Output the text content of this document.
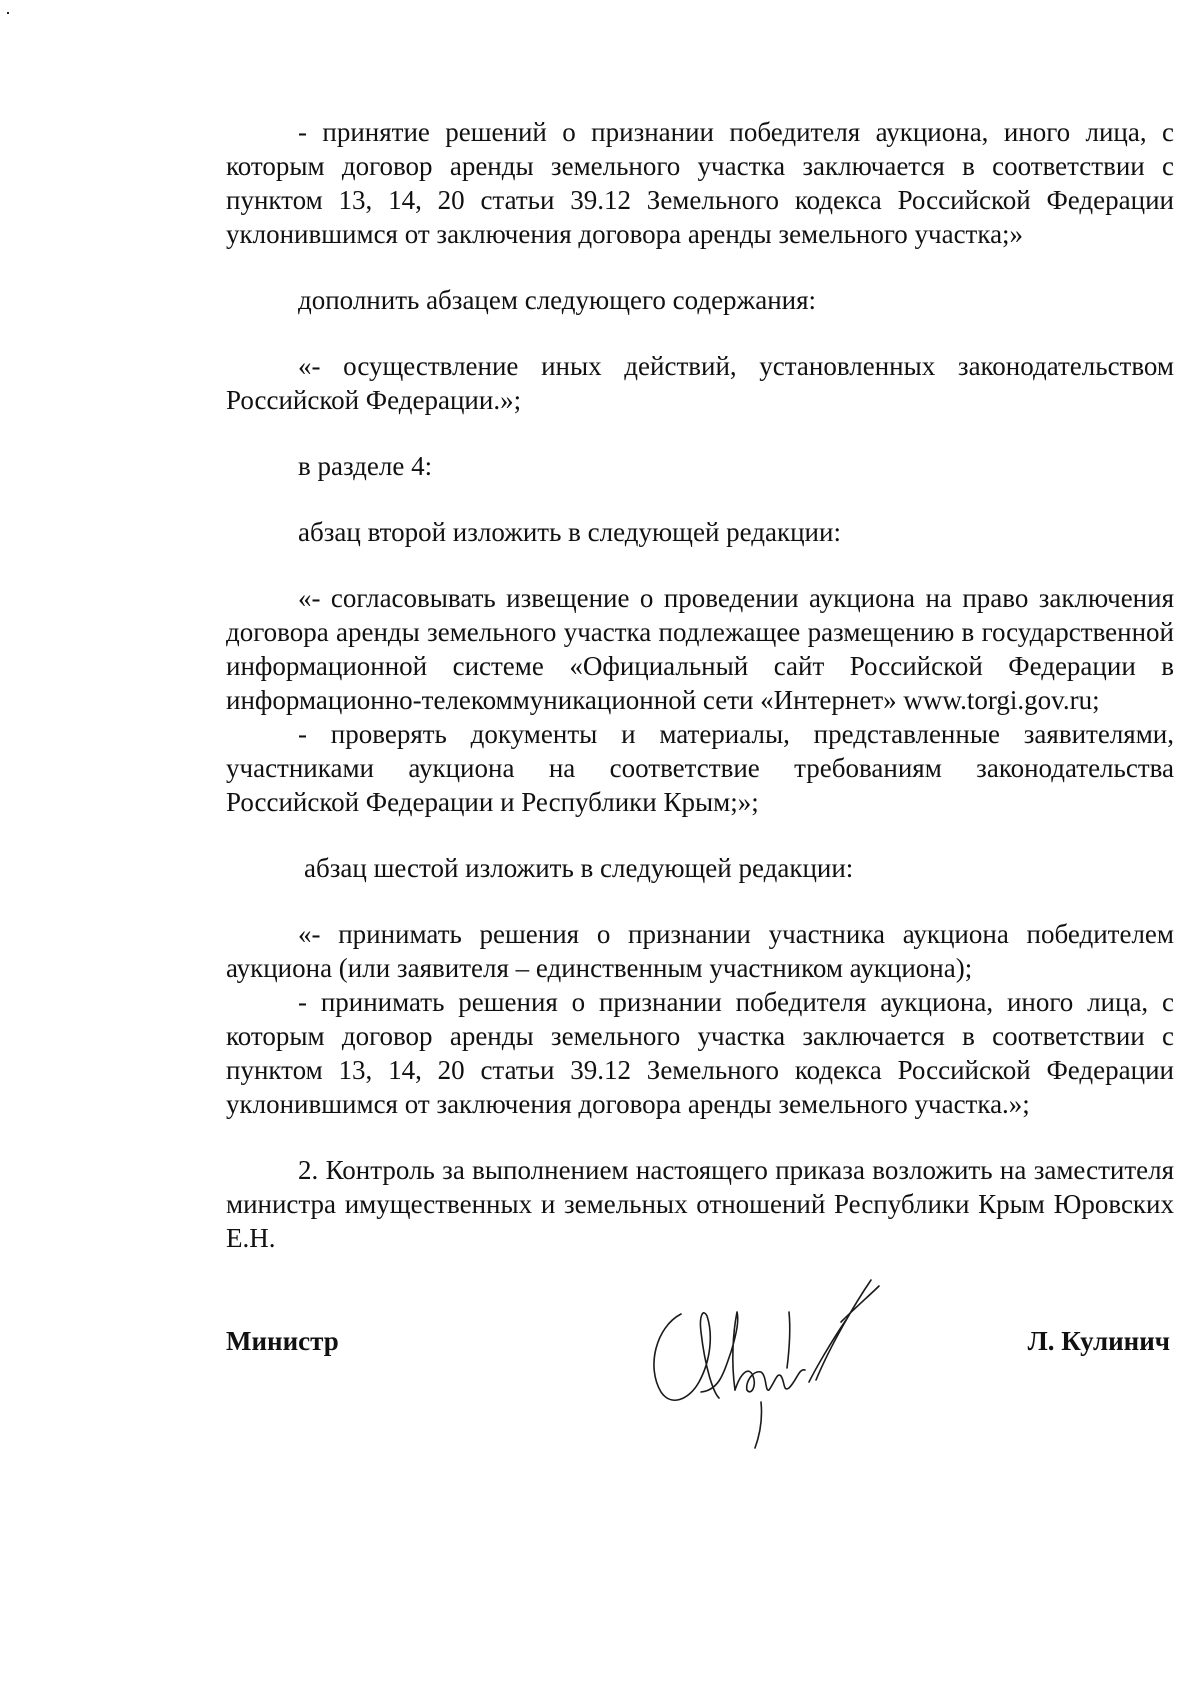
- принятие решений о признании победителя аукциона, иного лица, с которым договор аренды земельного участка заключается в соответствии с пунктом 13, 14, 20 статьи 39.12 Земельного кодекса Российской Федерации уклонившимся от заключения договора аренды земельного участка;»

дополнить абзацем следующего содержания:

«- осуществление иных действий, установленных законодательством Российской Федерации.»;

в разделе 4:

абзац второй изложить в следующей редакции:

«- согласовывать извещение о проведении аукциона на право заключения договора аренды земельного участка подлежащее размещению в государственной информационной системе «Официальный сайт Российской Федерации в информационно-телекоммуникационной сети «Интернет» www.torgi.gov.ru;

- проверять документы и материалы, представленные заявителями, участниками аукциона на соответствие требованиям законодательства Российской Федерации и Республики Крым;»;

абзац шестой изложить в следующей редакции:

«- принимать решения о признании участника аукциона победителем аукциона (или заявителя – единственным участником аукциона);

- принимать решения о признании победителя аукциона, иного лица, с которым договор аренды земельного участка заключается в соответствии с пунктом 13, 14, 20 статьи 39.12 Земельного кодекса Российской Федерации уклонившимся от заключения договора аренды земельного участка.»;

2. Контроль за выполнением настоящего приказа возложить на заместителя министра имущественных и земельных отношений Республики Крым Юровских Е.Н.

Министр	Л. Кулинич
